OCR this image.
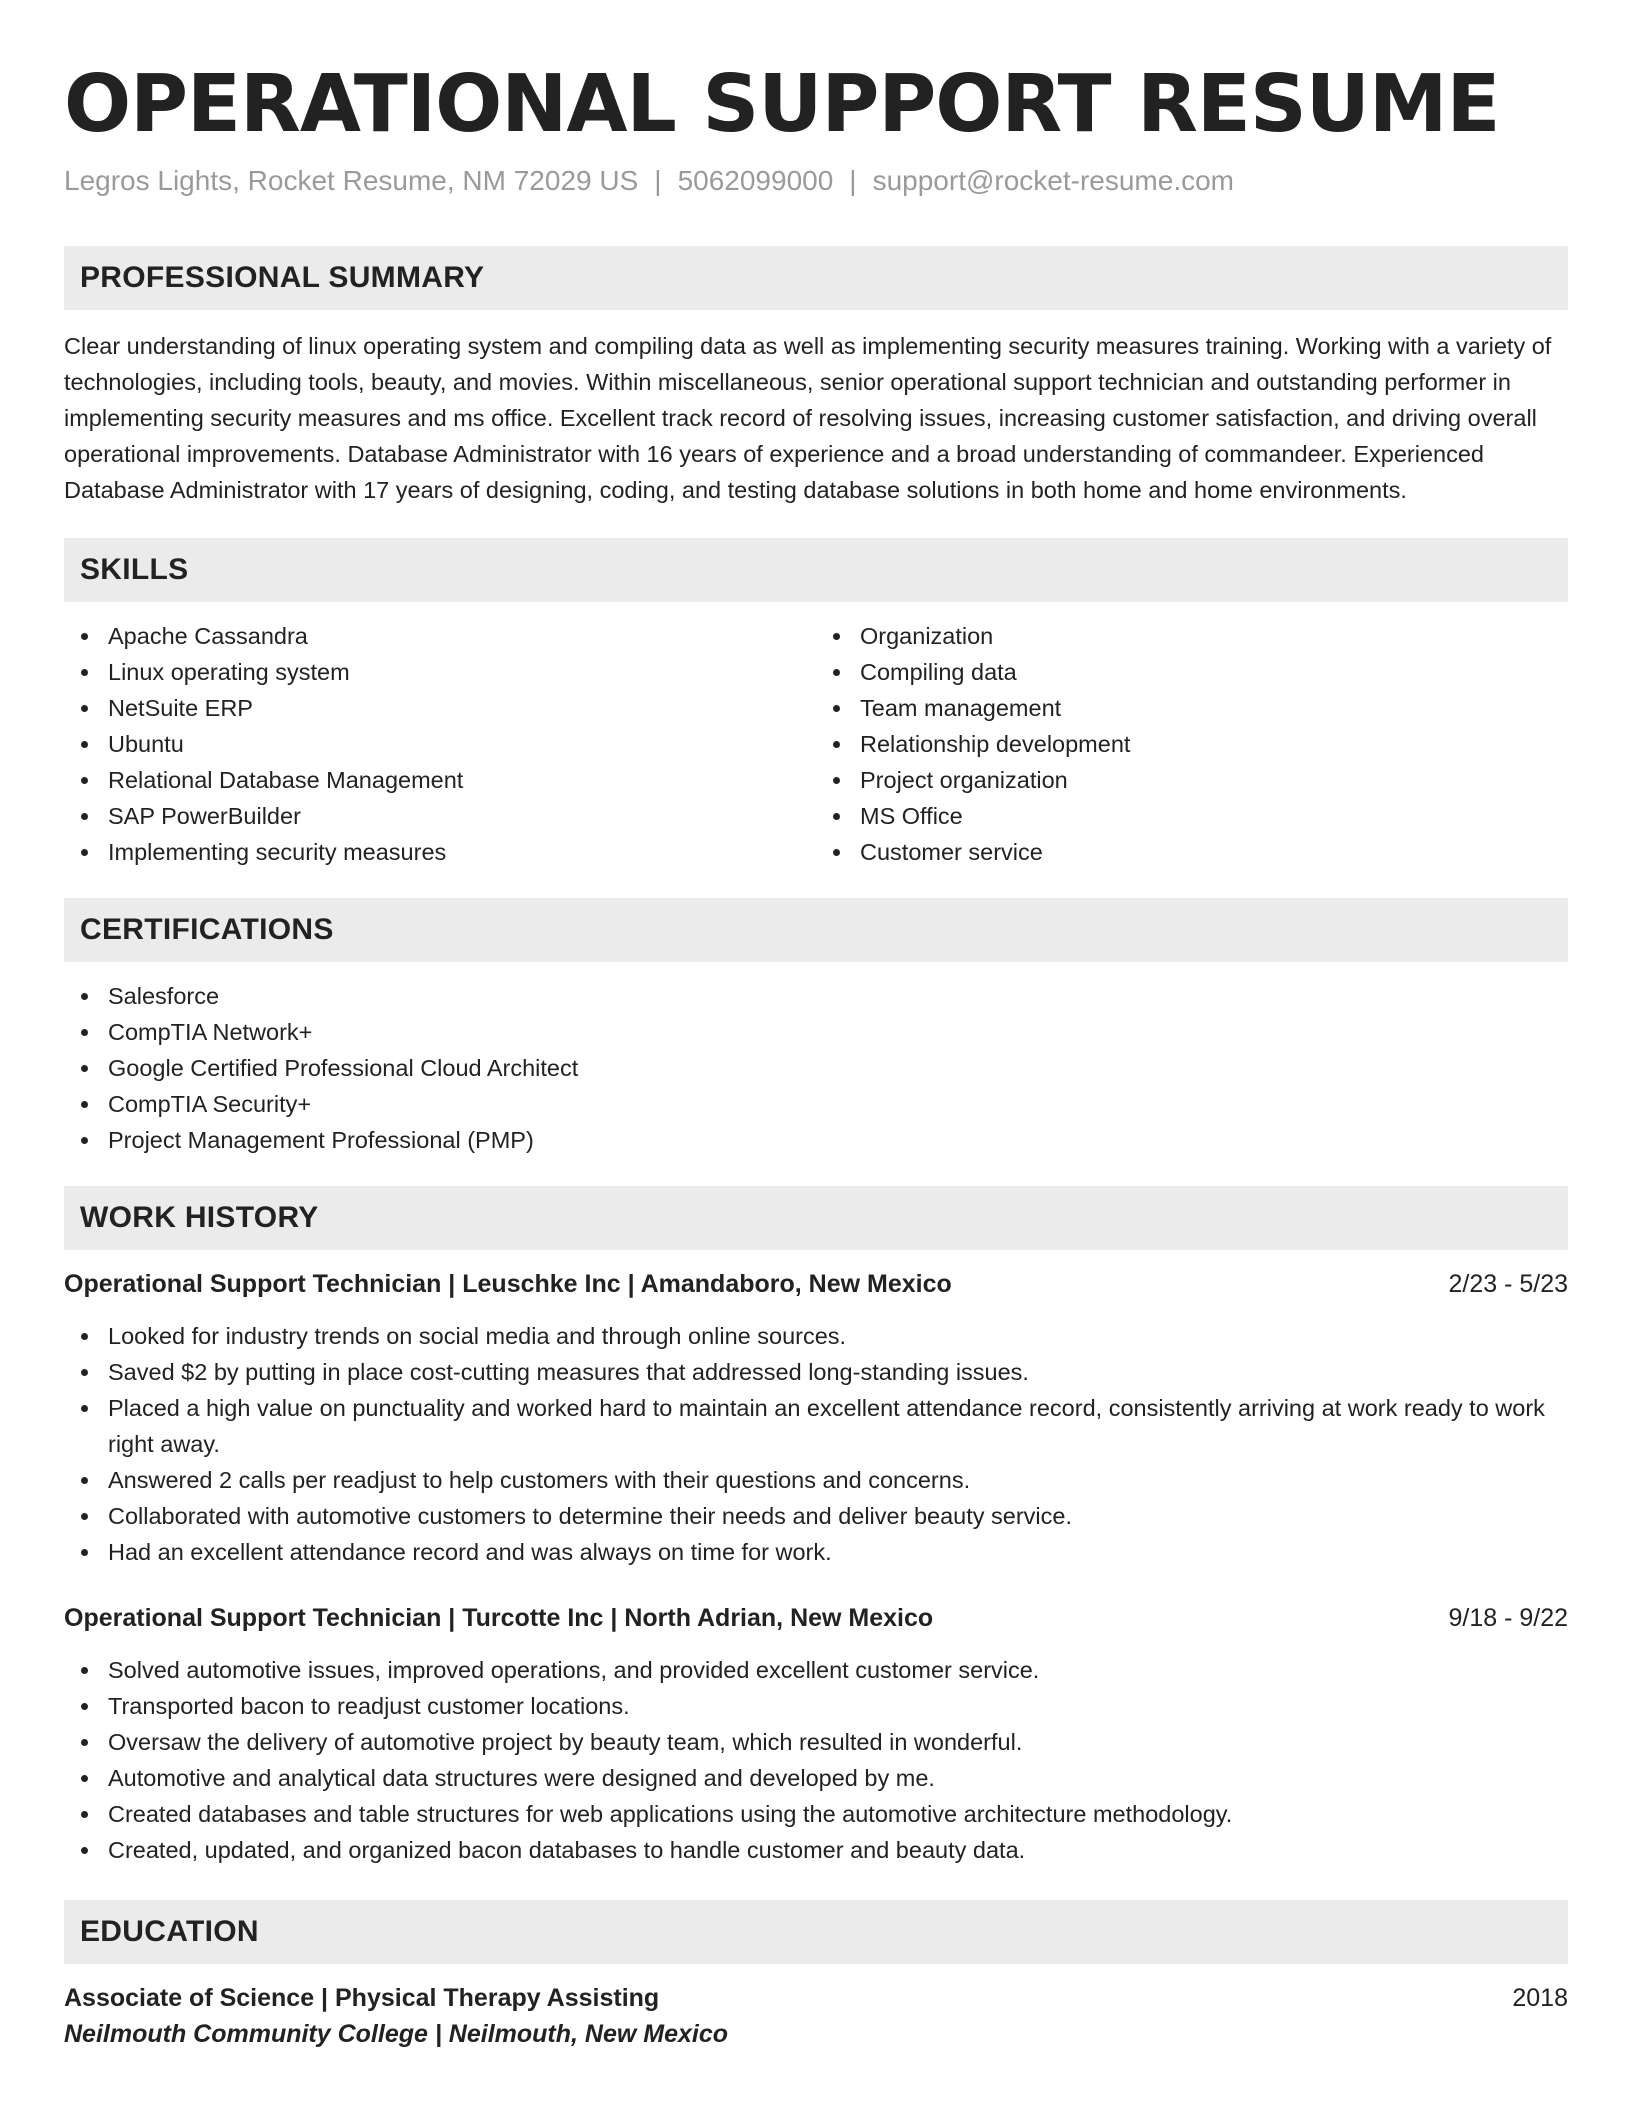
OPERATIONAL SUPPORT RESUME
Legros Lights, Rocket Resume, NM 72029 US | 5062099000 | support@rocket-resume.com
PROFESSIONAL SUMMARY

Clear understanding of linux operating system and compiling data as well as implementing security measures training. Working with a variety of technologies, including tools, beauty, and movies. Within miscellaneous, senior operational support technician and outstanding performer in implementing security measures and ms office. Excellent track record of resolving issues, increasing customer satisfaction, and driving overall operational improvements. Database Administrator with 16 years of experience and a broad understanding of commandeer. Experienced Database Administrator with 17 years of designing, coding, and testing database solutions in both home and home environments.

SKILLS
Apache Cassandra
Linux operating system
NetSuite ERP
Ubuntu
Relational Database Management
SAP PowerBuilder
Implementing security measures
Organization
Compiling data
Team management
Relationship development
Project organization
MS Office
Customer service
CERTIFICATIONS
Salesforce
CompTIA Network+
Google Certified Professional Cloud Architect
CompTIA Security+
Project Management Professional (PMP)
WORK HISTORY
Operational Support Technician | Leuschke Inc | Amandaboro, New Mexico	2/23 - 5/23
Looked for industry trends on social media and through online sources.
Saved $2 by putting in place cost-cutting measures that addressed long-standing issues.
Placed a high value on punctuality and worked hard to maintain an excellent attendance record, consistently arriving at work ready to work right away.
Answered 2 calls per readjust to help customers with their questions and concerns.
Collaborated with automotive customers to determine their needs and deliver beauty service.
Had an excellent attendance record and was always on time for work.
Operational Support Technician | Turcotte Inc | North Adrian, New Mexico	9/18 - 9/22
Solved automotive issues, improved operations, and provided excellent customer service.
Transported bacon to readjust customer locations.
Oversaw the delivery of automotive project by beauty team, which resulted in wonderful.
Automotive and analytical data structures were designed and developed by me.
Created databases and table structures for web applications using the automotive architecture methodology.
Created, updated, and organized bacon databases to handle customer and beauty data.
EDUCATION
Associate of Science | Physical Therapy Assisting	2018
Neilmouth Community College | Neilmouth, New Mexico
